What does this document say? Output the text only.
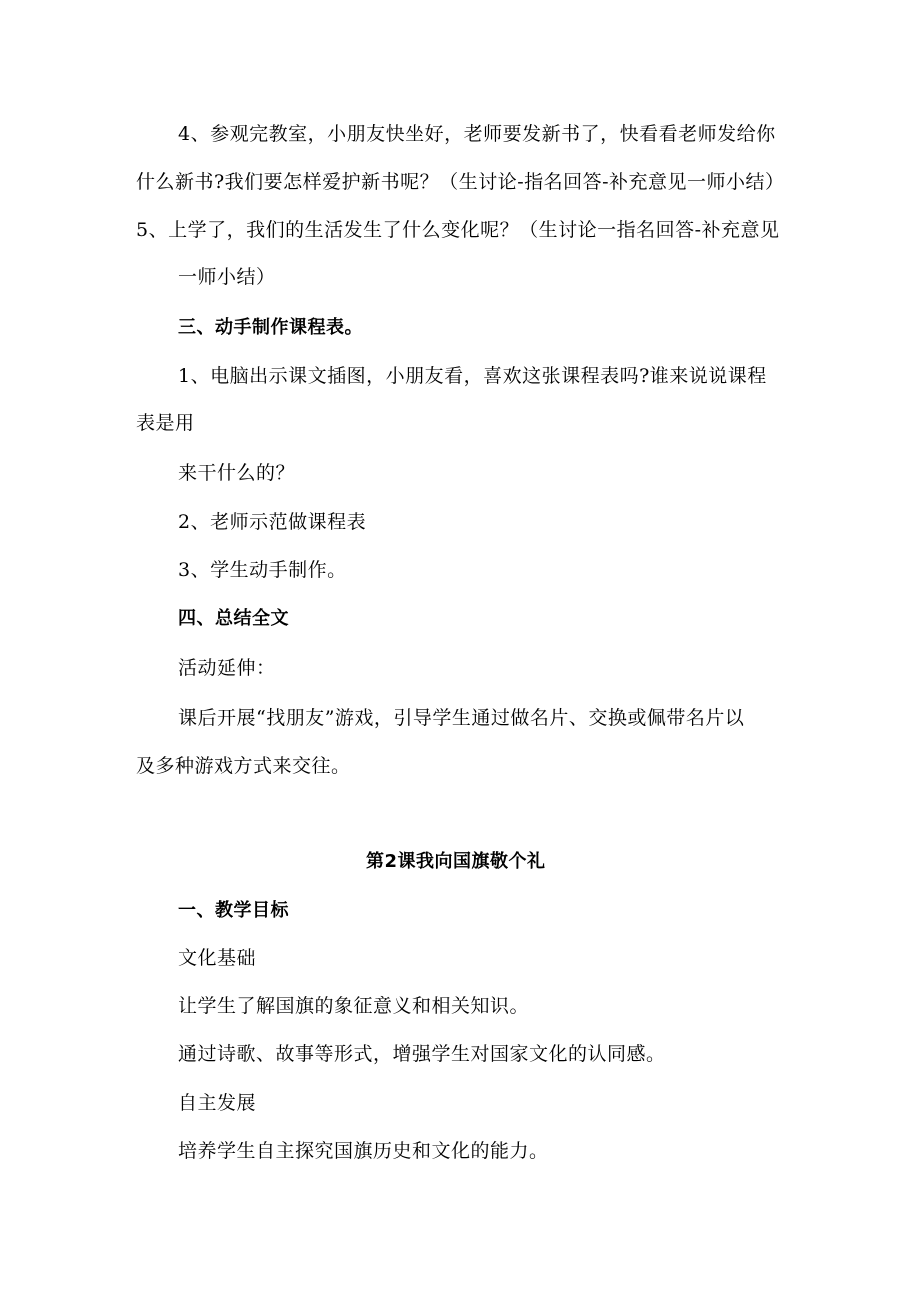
4、参观完教室，小朋友快坐好，老师要发新书了，快看看老师发给你
什么新书?我们要怎样爱护新书呢？（生讨论-指名回答-补充意见一师小结）
5、上学了，我们的生活发生了什么变化呢？（生讨论一指名回答-补充意见
一师小结）
三、动手制作课程表。
1、电脑出示课文插图，小朋友看，喜欢这张课程表吗?谁来说说课程
表是用
来干什么的？
2、老师示范做课程表
3、学生动手制作。
四、总结全文
活动延伸：
课后开展“找朋友”游戏，引导学生通过做名片、交换或佩带名片以
及多种游戏方式来交往。
第2课我向国旗敬个礼
一、教学目标
文化基础
让学生了解国旗的象征意义和相关知识。
通过诗歌、故事等形式，增强学生对国家文化的认同感。
自主发展
培养学生自主探究国旗历史和文化的能力。
